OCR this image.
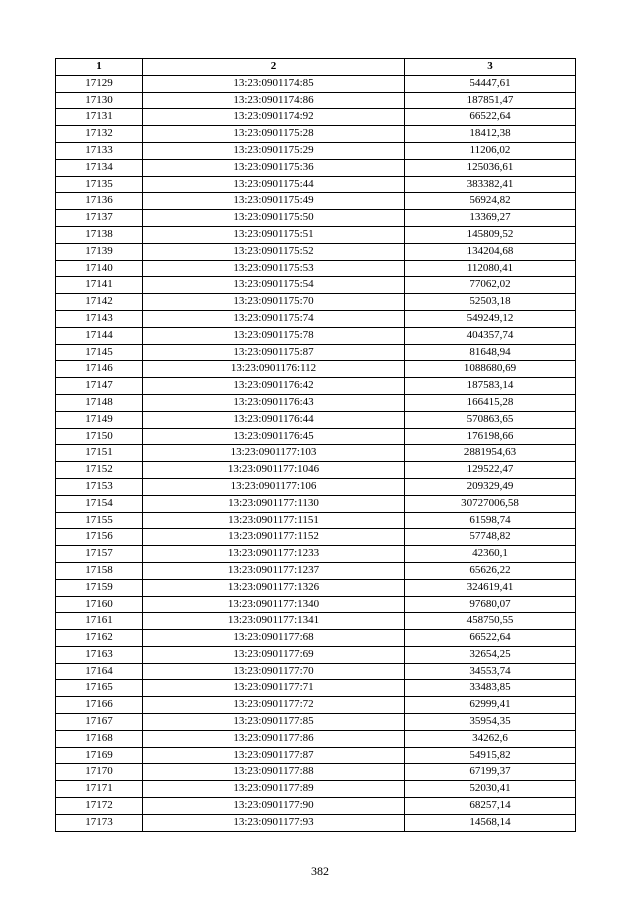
1	2	3
17129	13:23:0901174:85	54447,61
17130	13:23:0901174:86	187851,47
17131	13:23:0901174:92	66522,64
17132	13:23:0901175:28	18412,38
17133	13:23:0901175:29	11206,02
17134	13:23:0901175:36	125036,61
17135	13:23:0901175:44	383382,41
17136	13:23:0901175:49	56924,82
17137	13:23:0901175:50	13369,27
17138	13:23:0901175:51	145809,52
17139	13:23:0901175:52	134204,68
17140	13:23:0901175:53	112080,41
17141	13:23:0901175:54	77062,02
17142	13:23:0901175:70	52503,18
17143	13:23:0901175:74	549249,12
17144	13:23:0901175:78	404357,74
17145	13:23:0901175:87	81648,94
17146	13:23:0901176:112	1088680,69
17147	13:23:0901176:42	187583,14
17148	13:23:0901176:43	166415,28
17149	13:23:0901176:44	570863,65
17150	13:23:0901176:45	176198,66
17151	13:23:0901177:103	2881954,63
17152	13:23:0901177:1046	129522,47
17153	13:23:0901177:106	209329,49
17154	13:23:0901177:1130	30727006,58
17155	13:23:0901177:1151	61598,74
17156	13:23:0901177:1152	57748,82
17157	13:23:0901177:1233	42360,1
17158	13:23:0901177:1237	65626,22
17159	13:23:0901177:1326	324619,41
17160	13:23:0901177:1340	97680,07
17161	13:23:0901177:1341	458750,55
17162	13:23:0901177:68	66522,64
17163	13:23:0901177:69	32654,25
17164	13:23:0901177:70	34553,74
17165	13:23:0901177:71	33483,85
17166	13:23:0901177:72	62999,41
17167	13:23:0901177:85	35954,35
17168	13:23:0901177:86	34262,6
17169	13:23:0901177:87	54915,82
17170	13:23:0901177:88	67199,37
17171	13:23:0901177:89	52030,41
17172	13:23:0901177:90	68257,14
17173	13:23:0901177:93	14568,14
382
